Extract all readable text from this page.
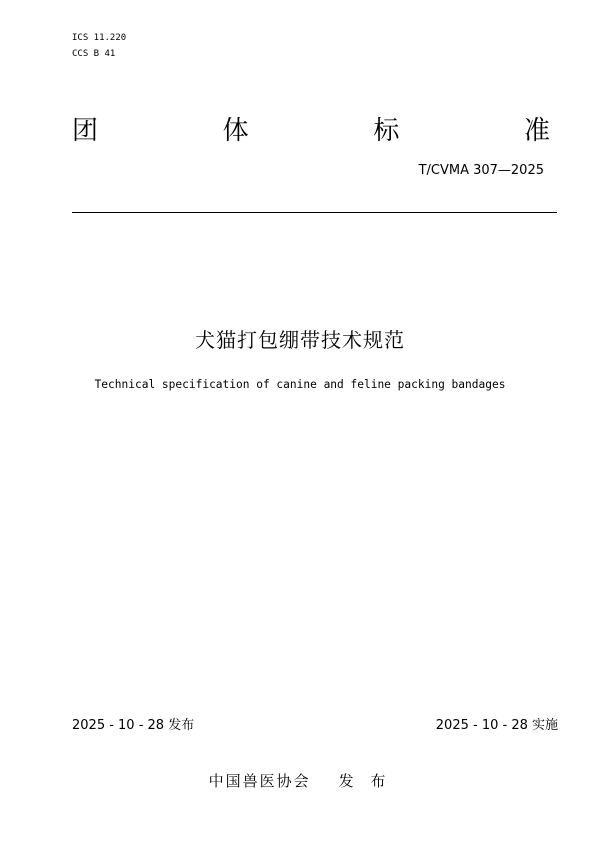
ICS 11.220
CCS B 41
团	体	标	准
T/CVMA 307—2025
犬猫打包绷带技术规范
Technical specification of canine and feline packing bandages
2025 - 10 - 28 发布	2025 - 10 - 28 实施
中国兽医协会 发 布
